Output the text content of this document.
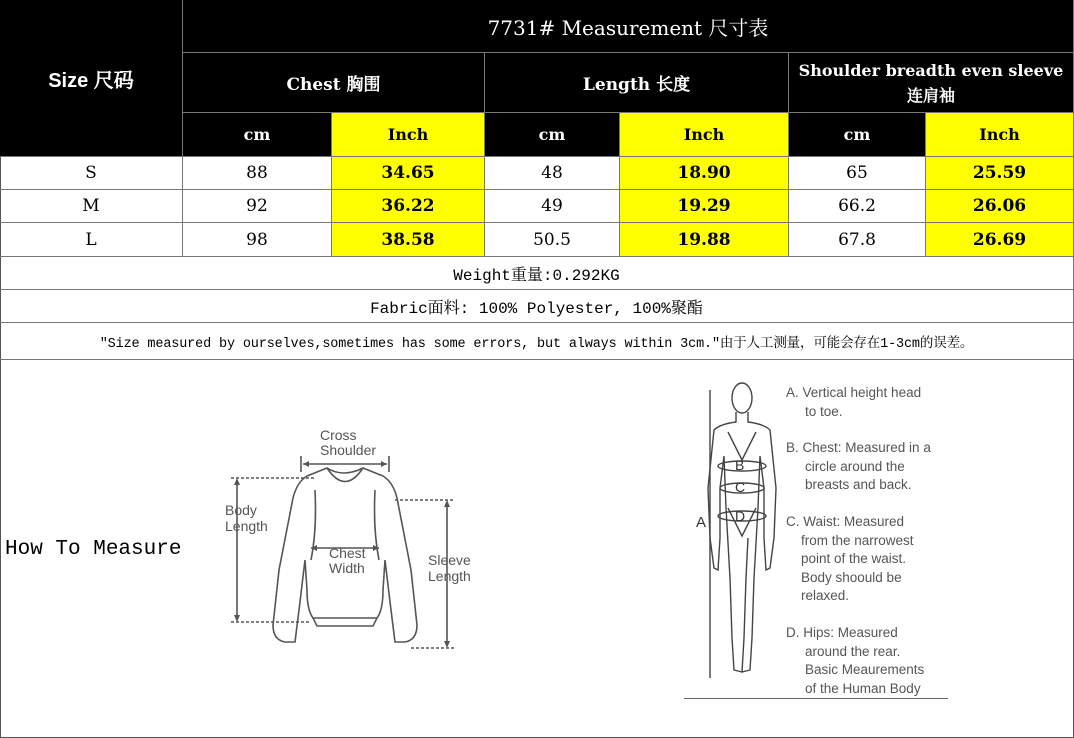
Size 尺码
7731# Measurement 尺寸表
Chest 胸围	Length 长度
Shoulder breadth even sleeve连肩袖
cm	Inch	cm	Inch	cm	Inch
S	88	34.65	48	18.90	65	25.59
M	92	36.22	49	19.29	66.2	26.06
L	98	38.58	50.5	19.88	67.8	26.69
Weight重量:0.292KG
Fabric面料: 100% Polyester, 100%聚酯
"Size measured by ourselves,sometimes has some errors, but always within 3cm."由于人工测量，可能会存在1-3cm的误差。
How To Measure
Cross
Shoulder
Body
Length
Chest
Width	Sleeve
Length
B
C
D
A
A. Vertical height head
to toe.
B. Chest: Measured in a
circle around the
breasts and back.
C. Waist: Measured
from the narrowest
point of the waist.
Body shoould be
relaxed.
D. Hips: Measured
around the rear.
Basic Meaurements
of the Human Body
